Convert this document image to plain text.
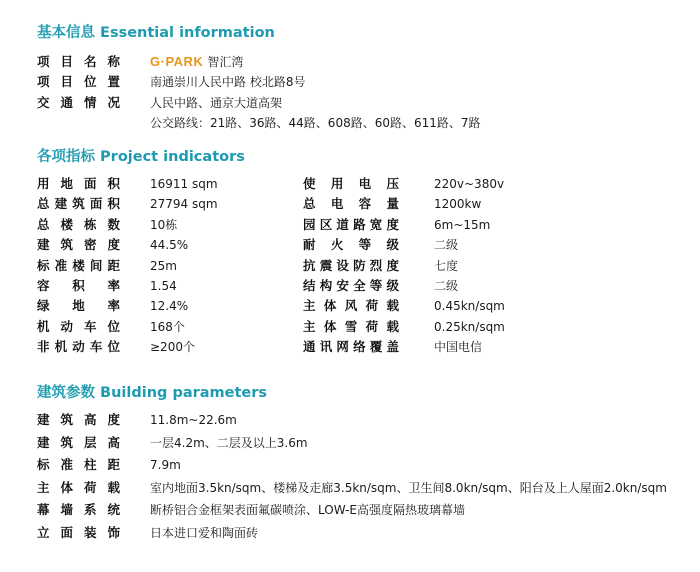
基本信息 Essential information
项目名称 G·PARK 智汇湾
项目位置	南通崇川人民中路 校北路8号
交通情况	人民中路、通京大道高架
公交路线：21路、36路、44路、608路、60路、611路、7路
各项指标 Project indicators
用地面积	16911 sqm	使用电压	220v~380v
总建筑面积	27794 sqm	总电容量	1200kw
总楼栋数	10栋	园区道路宽度	6m~15m
建筑密度	44.5%	耐火等级	二级
标准楼间距	25m	抗震设防烈度	七度
容积率	1.54	结构安全等级	二级
绿地率	12.4%	主体风荷载	0.45kn/sqm
机动车位	168个	主体雪荷载	0.25kn/sqm
非机动车位	≥200个	通讯网络覆盖	中国电信
建筑参数 Building parameters
建筑高度	11.8m~22.6m
建筑层高	一层4.2m、二层及以上3.6m
标准柱距	7.9m
主体荷载	室内地面3.5kn/sqm、楼梯及走廊3.5kn/sqm、卫生间8.0kn/sqm、阳台及上人屋面2.0kn/sqm
幕墙系统	断桥铝合金框架表面氟碳喷涂、LOW-E高强度隔热玻璃幕墙
立面装饰	日本进口爱和陶面砖
